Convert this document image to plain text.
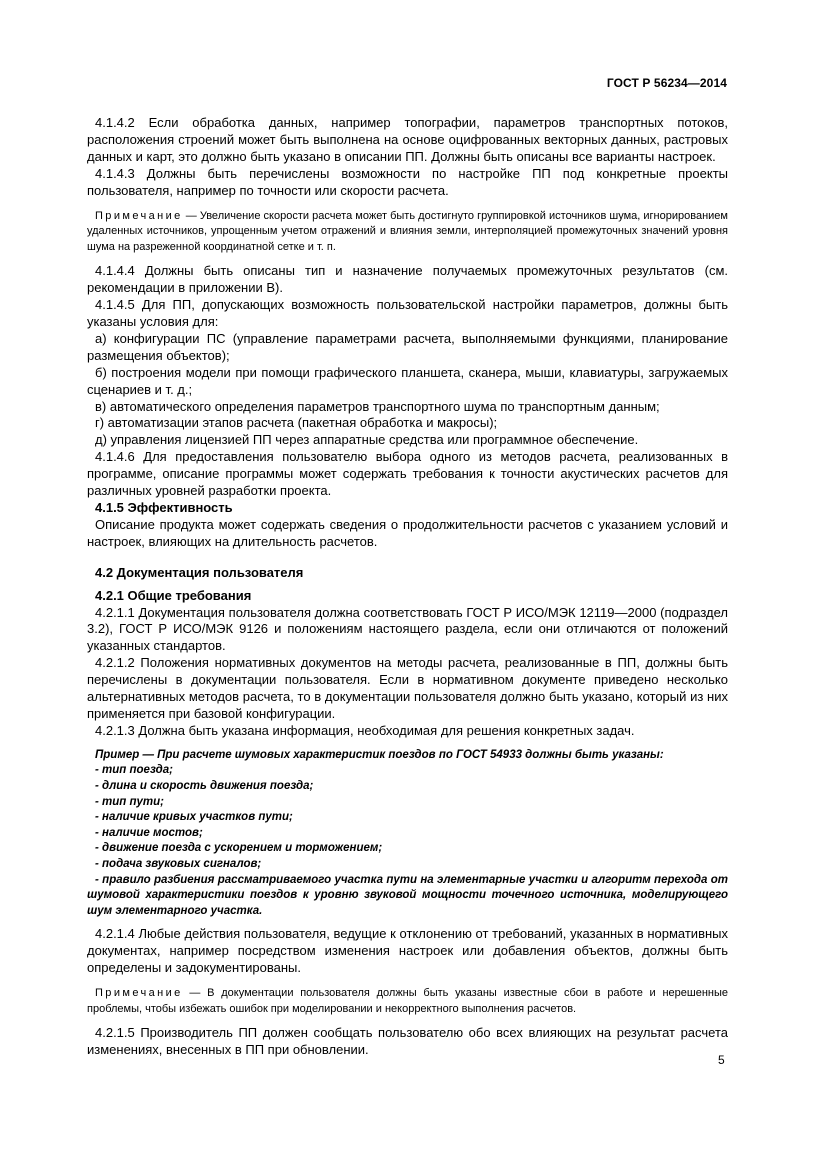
ГОСТ Р 56234—2014

4.1.4.2 Если обработка данных, например топографии, параметров транспортных потоков, расположения строений может быть выполнена на основе оцифрованных векторных данных, растровых данных и карт, это должно быть указано в описании ПП. Должны быть описаны все варианты настроек.

4.1.4.3 Должны быть перечислены возможности по настройке ПП под конкретные проекты пользователя, например по точности или скорости расчета.

Примечание — Увеличение скорости расчета может быть достигнуто группировкой источников шума, игнорированием удаленных источников, упрощенным учетом отражений и влияния земли, интерполяцией промежуточных значений уровня шума на разреженной координатной сетке и т. п.

4.1.4.4 Должны быть описаны тип и назначение получаемых промежуточных результатов (см. рекомендации в приложении В).

4.1.4.5 Для ПП, допускающих возможность пользовательской настройки параметров, должны быть указаны условия для:

а) конфигурации ПС (управление параметрами расчета, выполняемыми функциями, планирование размещения объектов);

б) построения модели при помощи графического планшета, сканера, мыши, клавиатуры, загружаемых сценариев и т. д.;

в) автоматического определения параметров транспортного шума по транспортным данным;

г) автоматизации этапов расчета (пакетная обработка и макросы);

д) управления лицензией ПП через аппаратные средства или программное обеспечение.

4.1.4.6 Для предоставления пользователю выбора одного из методов расчета, реализованных в программе, описание программы может содержать требования к точности акустических расчетов для различных уровней разработки проекта.

4.1.5 Эффективность

Описание продукта может содержать сведения о продолжительности расчетов с указанием условий и настроек, влияющих на длительность расчетов.

4.2 Документация пользователя

4.2.1 Общие требования

4.2.1.1 Документация пользователя должна соответствовать ГОСТ Р ИСО/МЭК 12119—2000 (подраздел 3.2), ГОСТ Р ИСО/МЭК 9126 и положениям настоящего раздела, если они отличаются от положений указанных стандартов.

4.2.1.2 Положения нормативных документов на методы расчета, реализованные в ПП, должны быть перечислены в документации пользователя. Если в нормативном документе приведено несколько альтернативных методов расчета, то в документации пользователя должно быть указано, который из них применяется при базовой конфигурации.

4.2.1.3 Должна быть указана информация, необходимая для решения конкретных задач.

Пример — При расчете шумовых характеристик поездов по ГОСТ 54933 должны быть указаны:

- тип поезда;

- длина и скорость движения поезда;

- тип пути;

- наличие кривых участков пути;

- наличие мостов;

- движение поезда с ускорением и торможением;

- подача звуковых сигналов;

- правило разбиения рассматриваемого участка пути на элементарные участки и алгоритм перехода от шумовой характеристики поездов к уровню звуковой мощности точечного источника, моделирующего шум элементарного участка.

4.2.1.4 Любые действия пользователя, ведущие к отклонению от требований, указанных в нормативных документах, например посредством изменения настроек или добавления объектов, должны быть определены и задокументированы.

Примечание — В документации пользователя должны быть указаны известные сбои в работе и нерешенные проблемы, чтобы избежать ошибок при моделировании и некорректного выполнения расчетов.

4.2.1.5 Производитель ПП должен сообщать пользователю обо всех влияющих на результат расчета изменениях, внесенных в ПП при обновлении.

5
